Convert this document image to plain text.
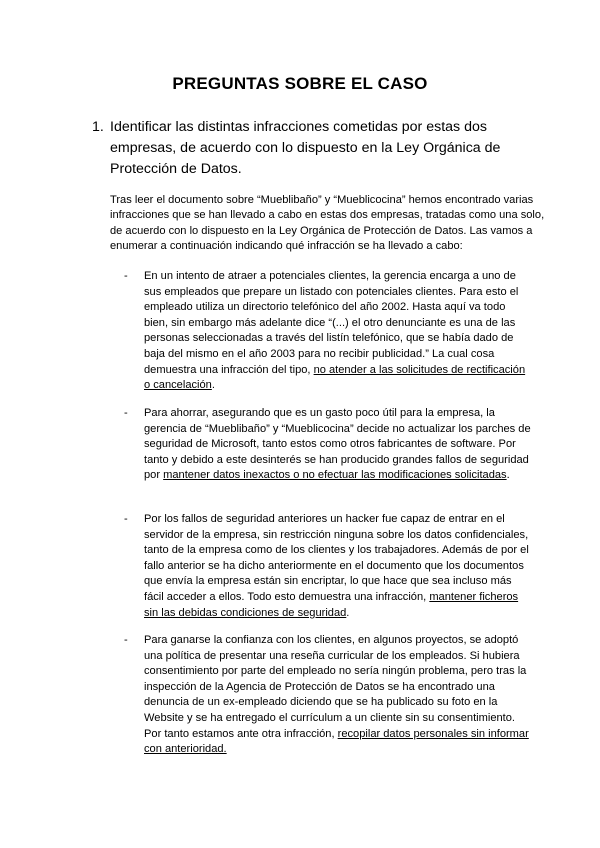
PREGUNTAS SOBRE EL CASO
1. Identificar las distintas infracciones cometidas por estas dos empresas, de acuerdo con lo dispuesto en la Ley Orgánica de Protección de Datos.
Tras leer el documento sobre “Mueblibaño” y “Mueblicocina” hemos encontrado varias infracciones que se han llevado a cabo en estas dos empresas, tratadas como una solo, de acuerdo con lo dispuesto en la Ley Orgánica de Protección de Datos. Las vamos a enumerar a continuación indicando qué infracción se ha llevado a cabo:
- En un intento de atraer a potenciales clientes, la gerencia encarga a uno de sus empleados que prepare un listado con potenciales clientes. Para esto el empleado utiliza un directorio telefónico del año 2002. Hasta aquí va todo bien, sin embargo más adelante dice “(...) el otro denunciante es una de las personas seleccionadas a través del listín telefónico, que se había dado de baja del mismo en el año 2003 para no recibir publicidad.” La cual cosa demuestra una infracción del tipo, no atender a las solicitudes de rectificación o cancelación.
- Para ahorrar, asegurando que es un gasto poco útil para la empresa, la gerencia de “Mueblibaño” y “Mueblicocina” decide no actualizar los parches de seguridad de Microsoft, tanto estos como otros fabricantes de software. Por tanto y debido a este desinterés se han producido grandes fallos de seguridad por mantener datos inexactos o no efectuar las modificaciones solicitadas.
- Por los fallos de seguridad anteriores un hacker fue capaz de entrar en el servidor de la empresa, sin restricción ninguna sobre los datos confidenciales, tanto de la empresa como de los clientes y los trabajadores. Además de por el fallo anterior se ha dicho anteriormente en el documento que los documentos que envía la empresa están sin encriptar, lo que hace que sea incluso más fácil acceder a ellos. Todo esto demuestra una infracción, mantener ficheros sin las debidas condiciones de seguridad.
- Para ganarse la confianza con los clientes, en algunos proyectos, se adoptó una política de presentar una reseña curricular de los empleados. Si hubiera consentimiento por parte del empleado no sería ningún problema, pero tras la inspección de la Agencia de Protección de Datos se ha encontrado una denuncia de un ex-empleado diciendo que se ha publicado su foto en la Website y se ha entregado el currículum a un cliente sin su consentimiento. Por tanto estamos ante otra infracción, recopilar datos personales sin informar con anterioridad.
